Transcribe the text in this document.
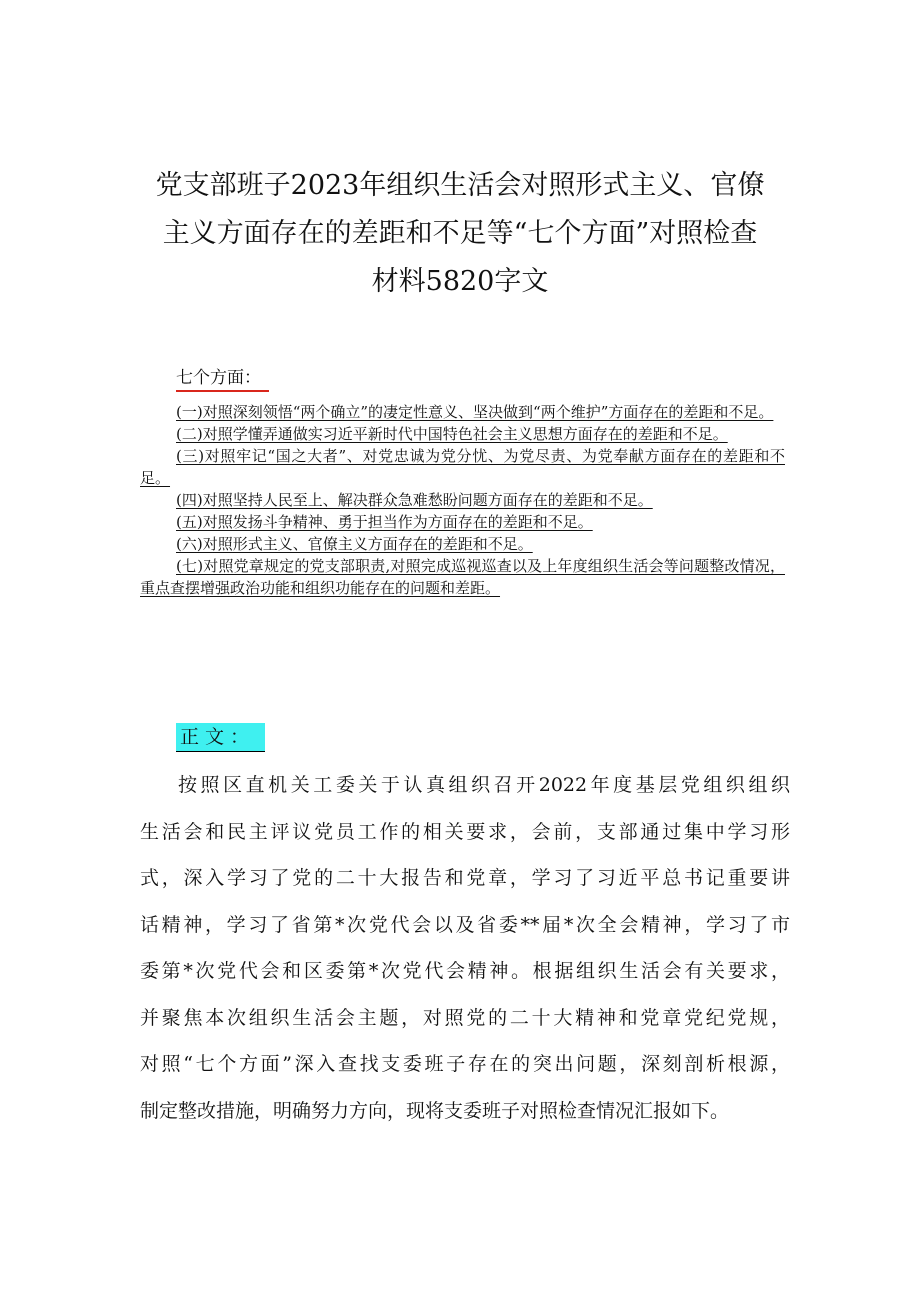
党支部班子2023年组织生活会对照形式主义、官僚
主义方面存在的差距和不足等“七个方面”对照检查
材料5820字文
七个方面：

(一)对照深刻领悟“两个确立”的凄定性意义、坚决做到“两个维护”方面存在的差距和不足。

(二)对照学懂弄通做实习近平新时代中国特色社会主义思想方面存在的差距和不足。

(三)对照牢记“国之大者”、对党忠诚为党分忧、为党尽责、为党奉献方面存在的差距和不足。

(四)对照坚持人民至上、解决群众急难愁盼问题方面存在的差距和不足。

(五)对照发扬斗争精神、勇于担当作为方面存在的差距和不足。

(六)对照形式主义、官僚主义方面存在的差距和不足。

(七)对照党章规定的党支部职责,对照完成巡视巡查以及上年度组织生活会等问题整改情况，重点查摆增强政治功能和组织功能存在的问题和差距。

正文：
按照区直机关工委关于认真组织召开2022年度基层党组织组织
生活会和民主评议党员工作的相关要求，会前，支部通过集中学习形
式，深入学习了党的二十大报告和党章，学习了习近平总书记重要讲
话精神，学习了省第*次党代会以及省委**届*次全会精神，学习了市
委第*次党代会和区委第*次党代会精神。根据组织生活会有关要求，
并聚焦本次组织生活会主题，对照党的二十大精神和党章党纪党规，
对照“七个方面”深入查找支委班子存在的突出问题，深刻剖析根源，
制定整改措施，明确努力方向，现将支委班子对照检查情况汇报如下。
